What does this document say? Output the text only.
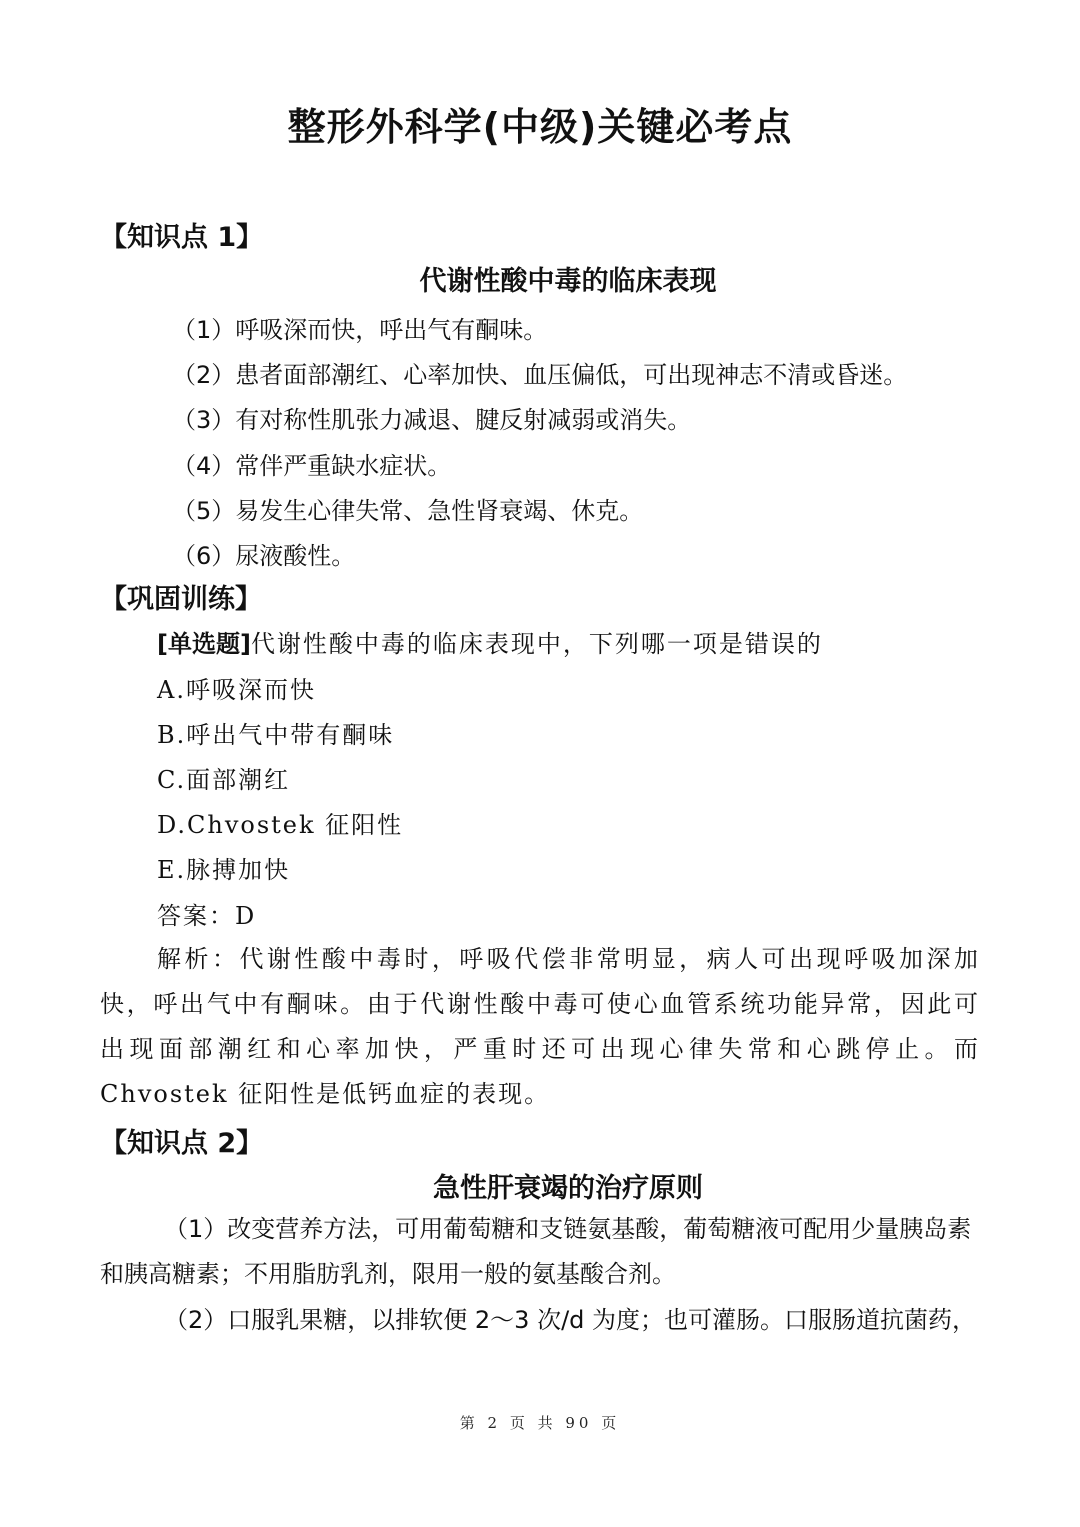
整形外科学(中级)关键必考点
【知识点 1】
代谢性酸中毒的临床表现
（1）呼吸深而快，呼出气有酮味。
（2）患者面部潮红、心率加快、血压偏低，可出现神志不清或昏迷。
（3）有对称性肌张力减退、腱反射减弱或消失。
（4）常伴严重缺水症状。
（5）易发生心律失常、急性肾衰竭、休克。
（6）尿液酸性。
【巩固训练】
[单选题]代谢性酸中毒的临床表现中，下列哪一项是错误的
A.呼吸深而快
B.呼出气中带有酮味
C.面部潮红
D.Chvostek 征阳性
E.脉搏加快
答案：D
解析：代谢性酸中毒时，呼吸代偿非常明显，病人可出现呼吸加深加快，呼出气中有酮味。由于代谢性酸中毒可使心血管系统功能异常，因此可出现面部潮红和心率加快，严重时还可出现心律失常和心跳停止。而 Chvostek 征阳性是低钙血症的表现。
【知识点 2】
急性肝衰竭的治疗原则
（1）改变营养方法，可用葡萄糖和支链氨基酸，葡萄糖液可配用少量胰岛素和胰高糖素；不用脂肪乳剂，限用一般的氨基酸合剂。
（2）口服乳果糖，以排软便 2～3 次/d 为度；也可灌肠。口服肠道抗菌药，
第 2 页 共 90 页
